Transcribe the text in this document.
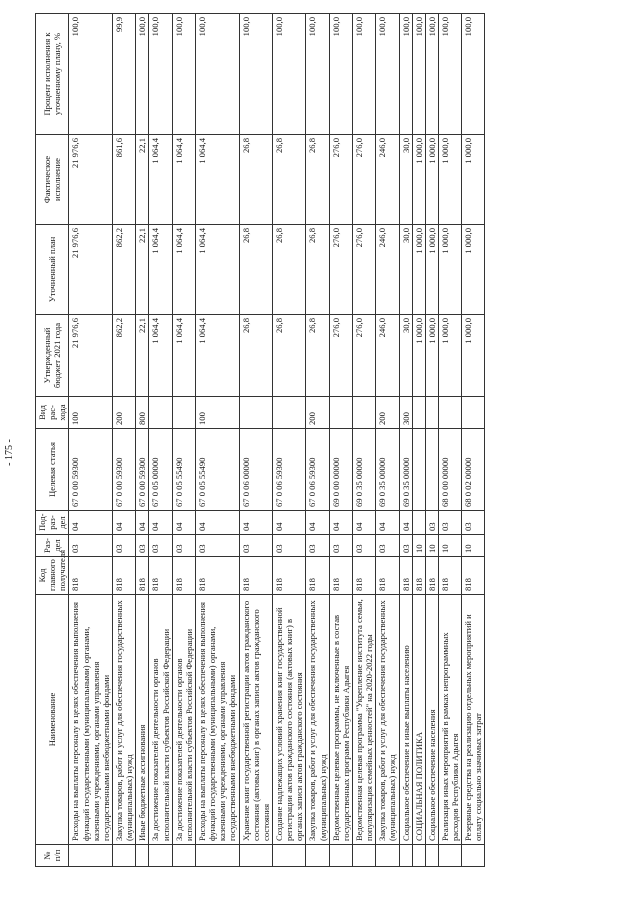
- 175 -
№ п/п	Наименование	Код главного получателя	Раз-дел	Под-раз-дел	Целевая статья	Вид рас-хода	Утвержденный бюджет 2021 года	Уточненный план	Фактическое исполнение	Процент исполнения к уточненному плану, %
	Расходы на выплаты персоналу в целях обеспечения выполнения функций государственными (муниципальными) органами, казенными учреждениями, органами управления государственными внебюджетными фондами	818	03	04	67 0 00 59300	100	21 976,6	21 976,6	21 976,6	100,0
	Закупка товаров, работ и услуг для обеспечения государственных (муниципальных) нужд	818	03	04	67 0 00 59300	200	862,2	862,2	861,6	99,9
	Иные бюджетные ассигнования	818	03	04	67 0 00 59300	800	22,1	22,1	22,1	100,0
	За достижение показателей деятельности органов исполнительной власти субъектов Российской Федерации	818	03	04	67 0 05 00000		1 064,4	1 064,4	1 064,4	100,0
	За достижение показателей деятельности органов исполнительной власти субъектов Российской Федерации	818	03	04	67 0 05 55490		1 064,4	1 064,4	1 064,4	100,0
	Расходы на выплаты персоналу в целях обеспечения выполнения функций государственными (муниципальными) органами, казенными учреждениями, органами управления государственными внебюджетными фондами	818	03	04	67 0 05 55490	100	1 064,4	1 064,4	1 064,4	100,0
	Хранение книг государственной регистрации актов гражданского состояния (актовых книг) в органах записи актов гражданского состояния	818	03	04	67 0 06 00000		26,8	26,8	26,8	100,0
	Создание надлежащих условий хранения книг государственной регистрации актов гражданского состояния (актовых книг) в органах записи актов гражданского состояния	818	03	04	67 0 06 59300		26,8	26,8	26,8	100,0
	Закупка товаров, работ и услуг для обеспечения государственных (муниципальных) нужд	818	03	04	67 0 06 59300	200	26,8	26,8	26,8	100,0
	Ведомственные целевые программы, не включенные в состав государственных программ Республики Адыгея	818	03	04	69 0 00 00000		276,0	276,0	276,0	100,0
	Ведомственная целевая программа "Укрепление института семьи, популяризация семейных ценностей" на 2020-2022 годы	818	03	04	69 0 35 00000		276,0	276,0	276,0	100,0
	Закупка товаров, работ и услуг для обеспечения государственных (муниципальных) нужд	818	03	04	69 0 35 00000	200	246,0	246,0	246,0	100,0
	Социальное обеспечение и иные выплаты населению	818	03	04	69 0 35 00000	300	30,0	30,0	30,0	100,0
	СОЦИАЛЬНАЯ ПОЛИТИКА	818	10				1 000,0	1 000,0	1 000,0	100,0
	Социальное обеспечение населения	818	10	03			1 000,0	1 000,0	1 000,0	100,0
	Реализация иных мероприятий в рамках непрограммных расходов Республики Адыгея	818	10	03	68 0 00 00000		1 000,0	1 000,0	1 000,0	100,0
	Резервные средства на реализацию отдельных мероприятий и оплату социально значимых затрат	818	10	03	68 0 02 00000		1 000,0	1 000,0	1 000,0	100,0
